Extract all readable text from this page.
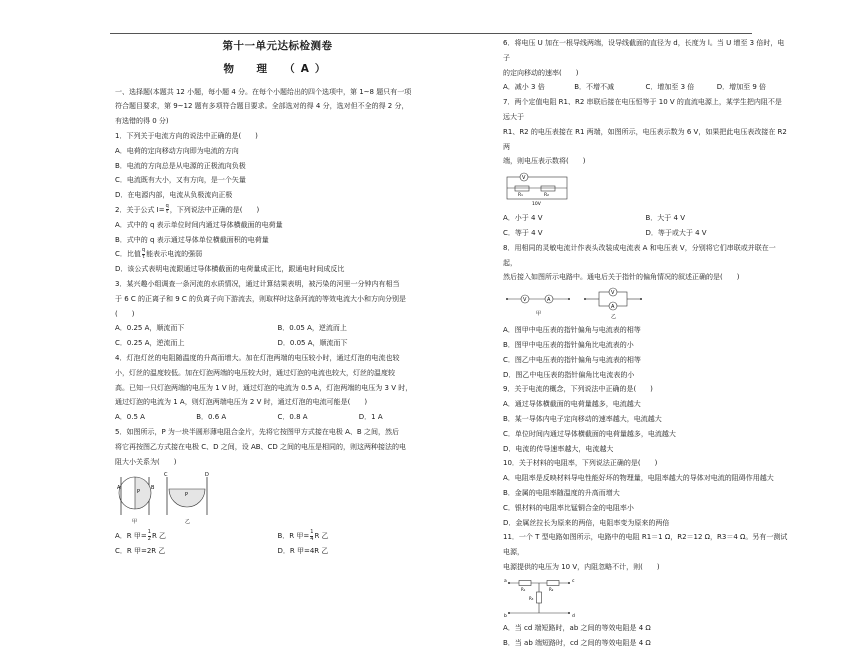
第十一单元达标检测卷
物　理　（A）

一、选择题(本题共 12 小题，每小题 4 分。在每个小题给出的四个选项中，第 1~8 题只有一项

符合题目要求，第 9~12 题有多项符合题目要求。全部选对的得 4 分，选对但不全的得 2 分，

有选错的得 0 分)

1．下列关于电流方向的说法中正确的是(　　)

A．电荷的定向移动方向即为电流的方向

B．电流的方向总是从电源的正极流向负极

C．电流既有大小，又有方向，是一个矢量

D．在电源内部，电流从负极流向正极

2．关于公式 $I= \frac{q}{t}$ ，下列说法中正确的是(　　)

A．式中的 q 表示单位时间内通过导体横截面的电荷量

B．式中的 q 表示通过导体单位横截面积的电荷量

C．比值 $\frac{q}{t}$ 能表示电流的强弱

D．该公式表明电流跟通过导体横截面的电荷量成正比，跟通电时间成反比

3．某兴趣小组调查一条河流的水质情况，通过计算结果表明，被污染的河里一分钟内有相当

于 6 C 的正离子和 9 C 的负离子向下游流去，则取样时这条河流的等效电流大小和方向分别是

(　　)

A．0.25 A，顺流而下	B．0.05 A，逆流而上
C．0.25 A，逆流而上	D．0.05 A，顺流而下

4．灯泡灯丝的电阻随温度的升高而增大。加在灯泡两端的电压较小时，通过灯泡的电流也较

小，灯丝的温度较低。加在灯泡两端的电压较大时，通过灯泡的电流也较大，灯丝的温度较

高。已知一只灯泡两端的电压为 1 V 时，通过灯泡的电流为 0.5 A，灯泡两端的电压为 3 V 时，

通过灯泡的电流为 1 A，则灯泡两端电压为 2 V 时，通过灯泡的电流可能是(　　)

A．0.5 A	B．0.6 A	C．0.8 A	D．1 A

5．如图所示，P 为一块半圆形薄电阻合金片，先将它按图甲方式接在电极 A、B 之间，然后

将它再按图乙方式接在电极 C、D 之间，设 AB、CD 之间的电压是相同的，则这两种接法的电

阻大小关系为(　　)

A	B
P
甲
C	D
P
乙
A．R 甲= $\frac{1}{2}$ R 乙	B．R 甲= $\frac{1}{4}$ R 乙
C．R 甲=2R 乙	D．R 甲=4R 乙

6．将电压 U 加在一根导线两端，设导线截面的直径为 d，长度为 l。当 U 增至 3 倍时，电子

的定向移动的速率(　　)

A．减小 3 倍	B．不增不减	C．增加至 3 倍	D．增加至 9 倍

7．两个定值电阻 R1、R2 串联后接在电压恒等于 10 V 的直流电源上，某学生把内阻不是远大于

R1、R2 的电压表接在 R1 两端，如图所示，电压表示数为 6 V，如果把此电压表改接在 R2 两

端，则电压表示数将(　　)

V
R₁	R₂
10V
A．小于 4 V	B．大于 4 V
C．等于 4 V	D．等于或大于 4 V

8．用相同的灵敏电流计作表头改装成电流表 A 和电压表 V，分别将它们串联或并联在一起，

然后接入如图所示电路中。通电后关于指针的偏角情况的叙述正确的是(　　)

V	A
甲
V
A
乙

A．图甲中电压表的指针偏角与电流表的相等

B．图甲中电压表的指针偏角比电流表的小

C．图乙中电压表的指针偏角与电流表的相等

D．图乙中电压表的指针偏角比电流表的小

9．关于电流的概念，下列说法中正确的是(　　)

A．通过导体横截面的电荷量越多，电流越大

B．某一导体内电子定向移动的速率越大，电流越大

C．单位时间内通过导体横截面的电荷量越多，电流越大

D．电流的传导速率越大，电流越大

10．关于材料的电阻率，下列说法正确的是(　　)

A．电阻率是反映材料导电性能好坏的物理量，电阻率越大的导体对电流的阻碍作用越大

B．金属的电阻率随温度的升高而增大

C．银材料的电阻率比锰铜合金的电阻率小

D．金属丝拉长为原来的两倍，电阻率变为原来的两倍

11．一个 T 型电路如图所示，电路中的电阻 R1＝1 Ω，R2＝12 Ω，R3＝4 Ω。另有一测试电源，

电源提供的电压为 10 V，内阻忽略不计，则(　　)

a
b
c
d
R₁	R₂
R₃

A．当 cd 端短路时，ab 之间的等效电阻是 4 Ω

B．当 ab 端短路时，cd 之间的等效电阻是 4 Ω
